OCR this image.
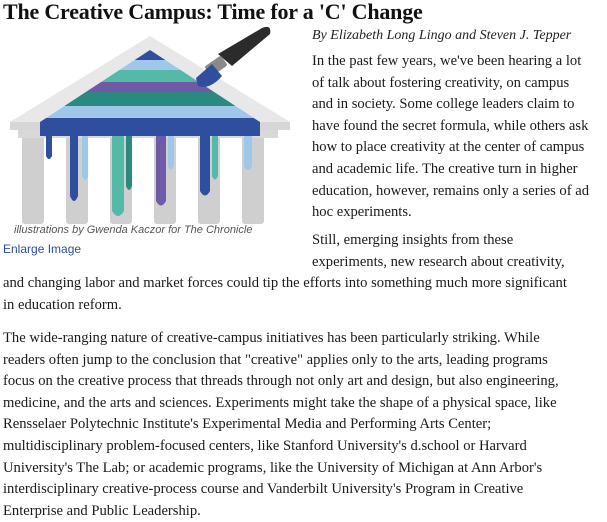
The Creative Campus: Time for a 'C' Change
illustrations by Gwenda Kaczor for The Chronicle
Enlarge Image
By Elizabeth Long Lingo and Steven J. Tepper

In the past few years, we've been hearing a lot
of talk about fostering creativity, on campus
and in society. Some college leaders claim to
have found the secret formula, while others ask
how to place creativity at the center of campus
and academic life. The creative turn in higher
education, however, remains only a series of ad
hoc experiments.

Still, emerging insights from these
experiments, new research about creativity,

and changing labor and market forces could tip the efforts into something much more significant
in education reform.

The wide-ranging nature of creative-campus initiatives has been particularly striking. While
readers often jump to the conclusion that "creative" applies only to the arts, leading programs
focus on the creative process that threads through not only art and design, but also engineering,
medicine, and the arts and sciences. Experiments might take the shape of a physical space, like
Rensselaer Polytechnic Institute's Experimental Media and Performing Arts Center;
multidisciplinary problem-focused centers, like Stanford University's d.school or Harvard
University's The Lab; or academic programs, like the University of Michigan at Ann Arbor's
interdisciplinary creative-process course and Vanderbilt University's Program in Creative
Enterprise and Public Leadership.
